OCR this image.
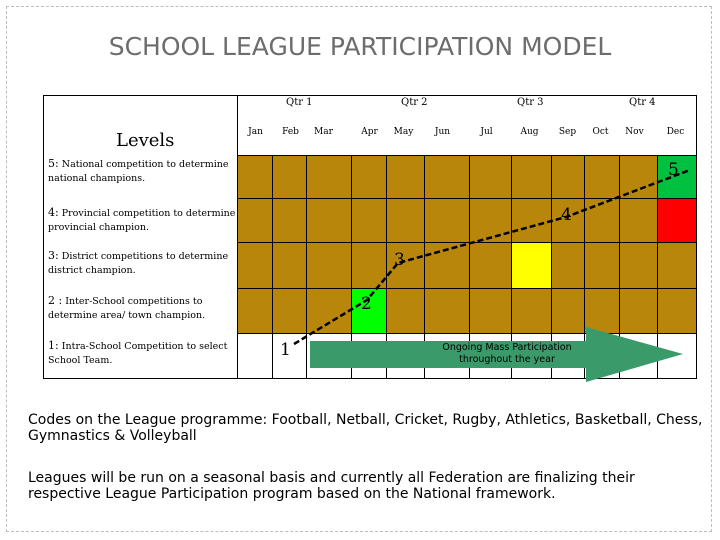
SCHOOL LEAGUE PARTICIPATION MODEL
Qtr 1	Qtr 2	Qtr 3	Qtr 4
Jan	Feb	Mar	Apr	May	Jun	Jul	Aug	Sep	Oct	Nov	Dec
Levels
5: National competition to determine national champions.
4: Provincial competition to determine provincial champion.
3: District competitions to determine district champion.
2 : Inter-School competitions to determine area/ town champion.
1: Intra-School Competition to select School Team.
Ongoing Mass Participation throughout the year
5
4
3
2
1
Codes on the League programme: Football, Netball, Cricket, Rugby, Athletics, Basketball, Chess, Gymnastics & Volleyball
Leagues will be run on a seasonal basis and currently all Federation are finalizing their respective League Participation program based on the National framework.
